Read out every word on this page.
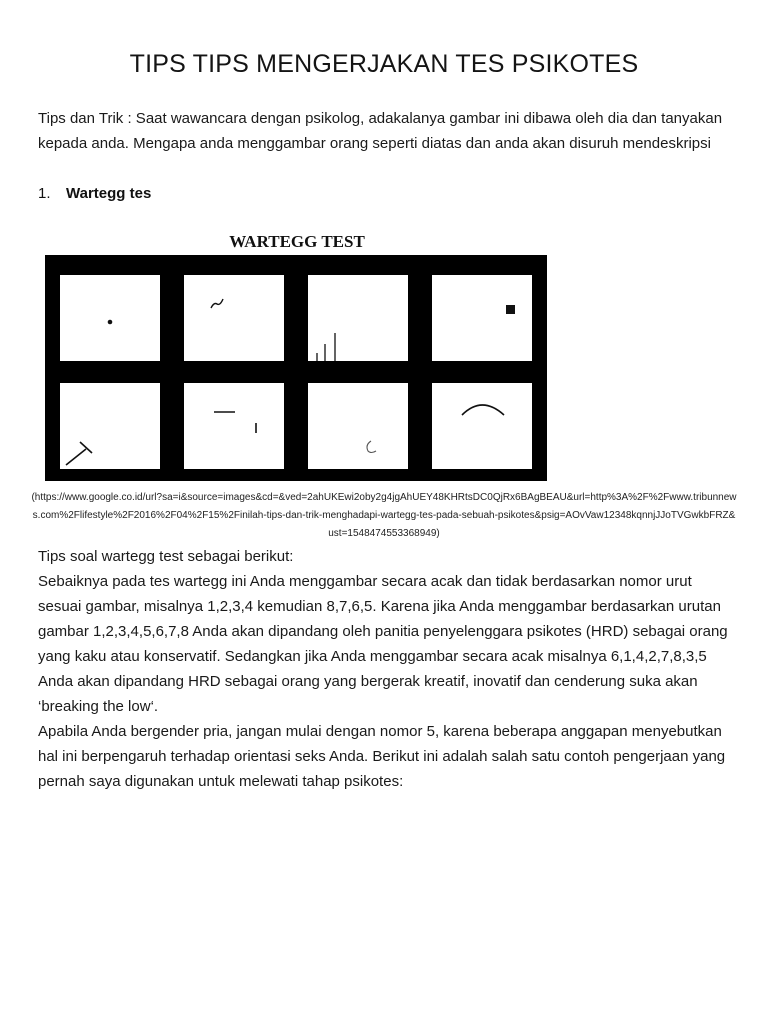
TIPS TIPS MENGERJAKAN TES PSIKOTES
Tips dan Trik : Saat wawancara dengan psikolog, adakalanya gambar ini dibawa oleh dia dan tanyakan kepada anda. Mengapa anda menggambar orang seperti diatas dan anda akan disuruh mendeskripsi
1. Wartegg tes
WARTEGG TEST
(https://www.google.co.id/url?sa=i&source=images&cd=&ved=2ahUKEwi2oby2g4jgAhUEY48KHRtsDC0QjRx6BAgBEAU&url=http%3A%2F%2Fwww.tribunnews.com%2Flifestyle%2F2016%2F04%2F15%2Finilah-tips-dan-trik-menghadapi-wartegg-tes-pada-sebuah-psikotes&psig=AOvVaw12348kqnnjJJoTVGwkbFRZ&ust=1548474553368949)
Tips soal wartegg test sebagai berikut:
Sebaiknya pada tes wartegg ini Anda menggambar secara acak dan tidak berdasarkan nomor urut sesuai gambar, misalnya 1,2,3,4 kemudian 8,7,6,5. Karena jika Anda menggambar berdasarkan urutan gambar 1,2,3,4,5,6,7,8 Anda akan dipandang oleh panitia penyelenggara psikotes (HRD) sebagai orang yang kaku atau konservatif. Sedangkan jika Anda menggambar secara acak misalnya 6,1,4,2,7,8,3,5 Anda akan dipandang HRD sebagai orang yang bergerak kreatif, inovatif dan cenderung suka akan ‘breaking the low‘.
Apabila Anda bergender pria, jangan mulai dengan nomor 5, karena beberapa anggapan menyebutkan hal ini berpengaruh terhadap orientasi seks Anda. Berikut ini adalah salah satu contoh pengerjaan yang pernah saya digunakan untuk melewati tahap psikotes:
